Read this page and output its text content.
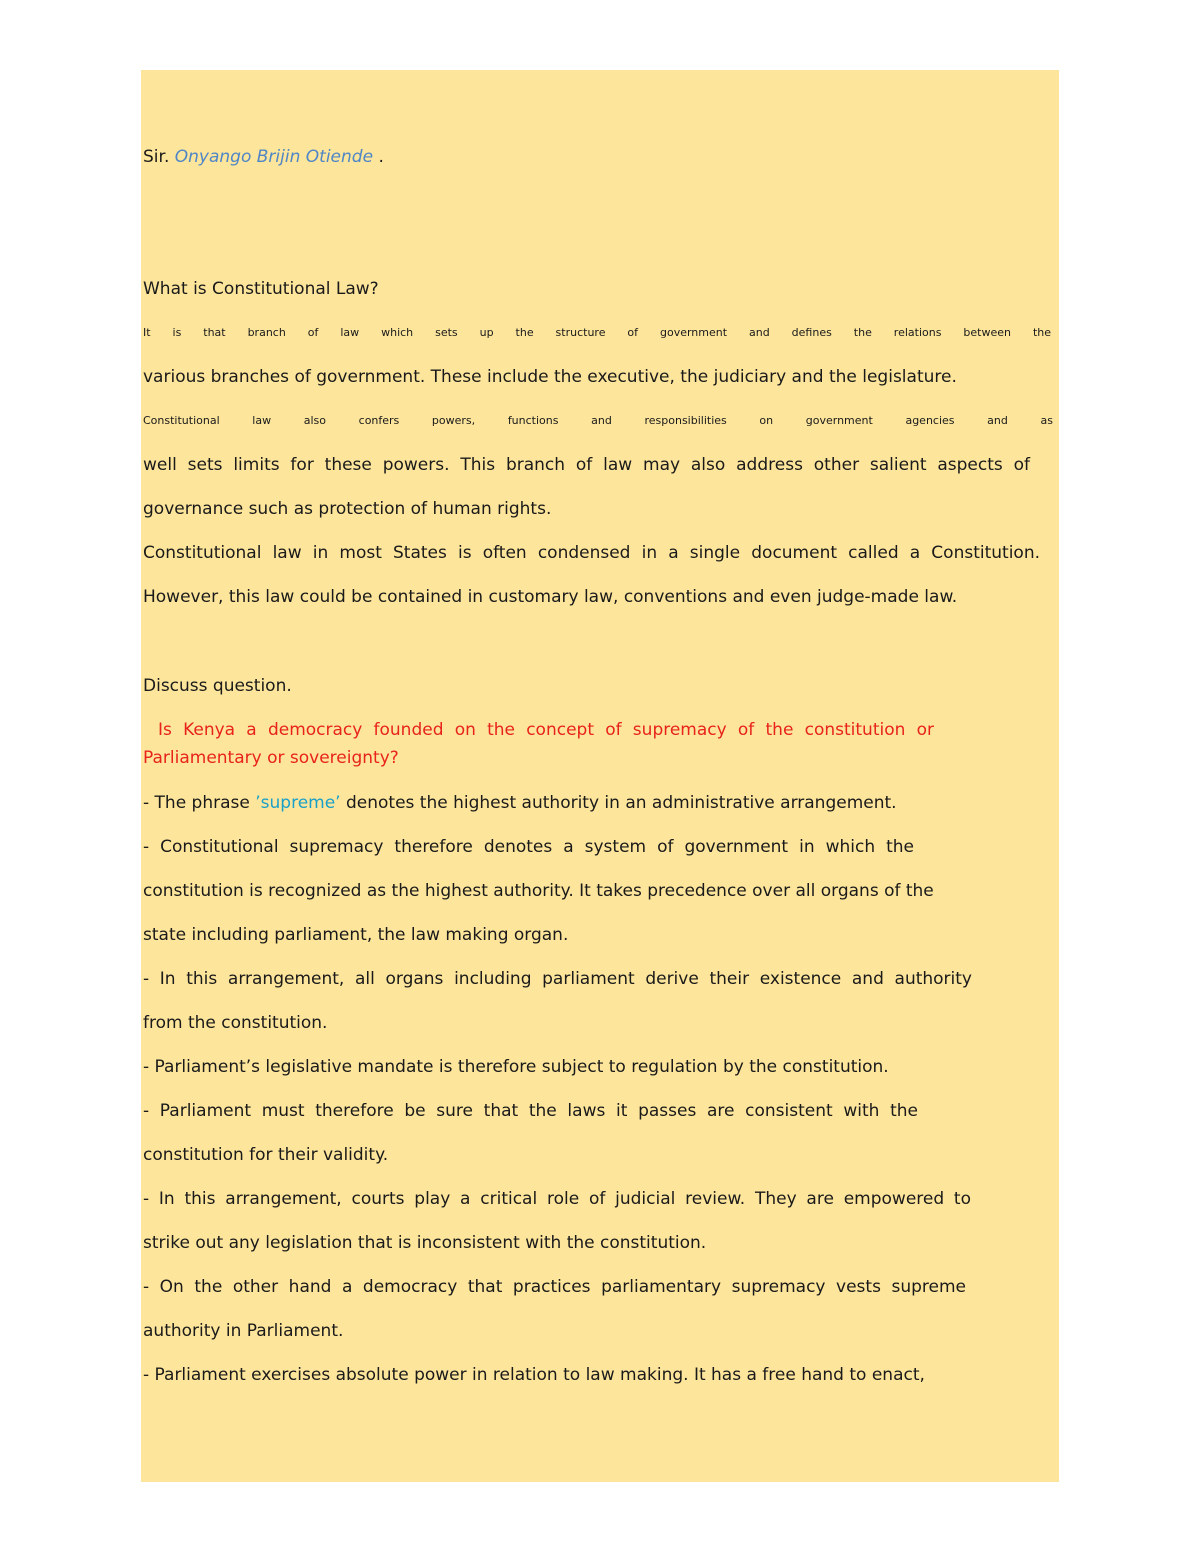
Sir. Onyango Brijin Otiende .
What is Constitutional Law?
It is that branch of law which sets up the structure of government and defines the relations between the
various branches of government. These include the executive, the judiciary and the legislature.
Constitutional law also confers powers, functions and responsibilities on government agencies and as
well sets limits for these powers. This branch of law may also address other salient aspects of
governance such as protection of human rights.
Constitutional law in most States is often condensed in a single document called a Constitution.
However, this law could be contained in customary law, conventions and even judge-made law.
Discuss question.
Is Kenya a democracy founded on the concept of supremacy of the constitution or
Parliamentary or sovereignty?
- The phrase ’supreme’ denotes the highest authority in an administrative arrangement.
- Constitutional supremacy therefore denotes a system of government in which the
constitution is recognized as the highest authority. It takes precedence over all organs of the
state including parliament, the law making organ.
- In this arrangement, all organs including parliament derive their existence and authority
from the constitution.
- Parliament’s legislative mandate is therefore subject to regulation by the constitution.
- Parliament must therefore be sure that the laws it passes are consistent with the
constitution for their validity.
- In this arrangement, courts play a critical role of judicial review. They are empowered to
strike out any legislation that is inconsistent with the constitution.
- On the other hand a democracy that practices parliamentary supremacy vests supreme
authority in Parliament.
- Parliament exercises absolute power in relation to law making. It has a free hand to enact,
